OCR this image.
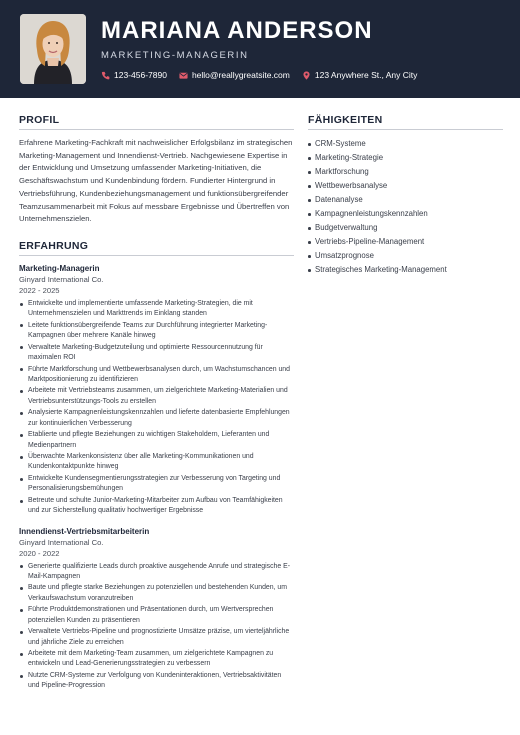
MARIANA ANDERSON
MARKETING-MANAGERIN
123-456-7890	hello@reallygreatsite.com	123 Anywhere St., Any City
PROFIL

Erfahrene Marketing-Fachkraft mit nachweislicher Erfolgsbilanz im strategischen Marketing-Management und Innendienst-Vertrieb. Nachgewiesene Expertise in der Entwicklung und Umsetzung umfassender Marketing-Initiativen, die Geschäftswachstum und Kundenbindung fördern. Fundierter Hintergrund in Vertriebsführung, Kundenbeziehungsmanagement und funktionsübergreifender Teamzusammenarbeit mit Fokus auf messbare Ergebnisse und Übertreffen von Unternehmenszielen.

ERFAHRUNG
Marketing-Managerin
Ginyard International Co.
2022 - 2025
Entwickelte und implementierte umfassende Marketing-Strategien, die mit Unternehmenszielen und Markttrends im Einklang standen
Leitete funktionsübergreifende Teams zur Durchführung integrierter Marketing-Kampagnen über mehrere Kanäle hinweg
Verwaltete Marketing-Budgetzuteilung und optimierte Ressourcennutzung für maximalen ROI
Führte Marktforschung und Wettbewerbsanalysen durch, um Wachstumschancen und Marktpositionierung zu identifizieren
Arbeitete mit Vertriebsteams zusammen, um zielgerichtete Marketing-Materialien und Vertriebsunterstützungs-Tools zu erstellen
Analysierte Kampagnenleistungskennzahlen und lieferte datenbasierte Empfehlungen zur kontinuierlichen Verbesserung
Etablierte und pflegte Beziehungen zu wichtigen Stakeholdern, Lieferanten und Medienpartnern
Überwachte Markenkonsistenz über alle Marketing-Kommunikationen und Kundenkontaktpunkte hinweg
Entwickelte Kundensegmentierungsstrategien zur Verbesserung von Targeting und Personalisierungsbemühungen
Betreute und schulte Junior-Marketing-Mitarbeiter zum Aufbau von Teamfähigkeiten und zur Sicherstellung qualitativ hochwertiger Ergebnisse
Innendienst-Vertriebsmitarbeiterin
Ginyard International Co.
2020 - 2022
Generierte qualifizierte Leads durch proaktive ausgehende Anrufe und strategische E-Mail-Kampagnen
Baute und pflegte starke Beziehungen zu potenziellen und bestehenden Kunden, um Verkaufswachstum voranzutreiben
Führte Produktdemonstrationen und Präsentationen durch, um Wertversprechen potenziellen Kunden zu präsentieren
Verwaltete Vertriebs-Pipeline und prognostizierte Umsätze präzise, um vierteljährliche und jährliche Ziele zu erreichen
Arbeitete mit dem Marketing-Team zusammen, um zielgerichtete Kampagnen zu entwickeln und Lead-Generierungsstrategien zu verbessern
Nutzte CRM-Systeme zur Verfolgung von Kundeninteraktionen, Vertriebsaktivitäten und Pipeline-Progression
FÄHIGKEITEN
CRM-Systeme
Marketing-Strategie
Marktforschung
Wettbewerbsanalyse
Datenanalyse
Kampagnenleistungskennzahlen
Budgetverwaltung
Vertriebs-Pipeline-Management
Umsatzprognose
Strategisches Marketing-Management
